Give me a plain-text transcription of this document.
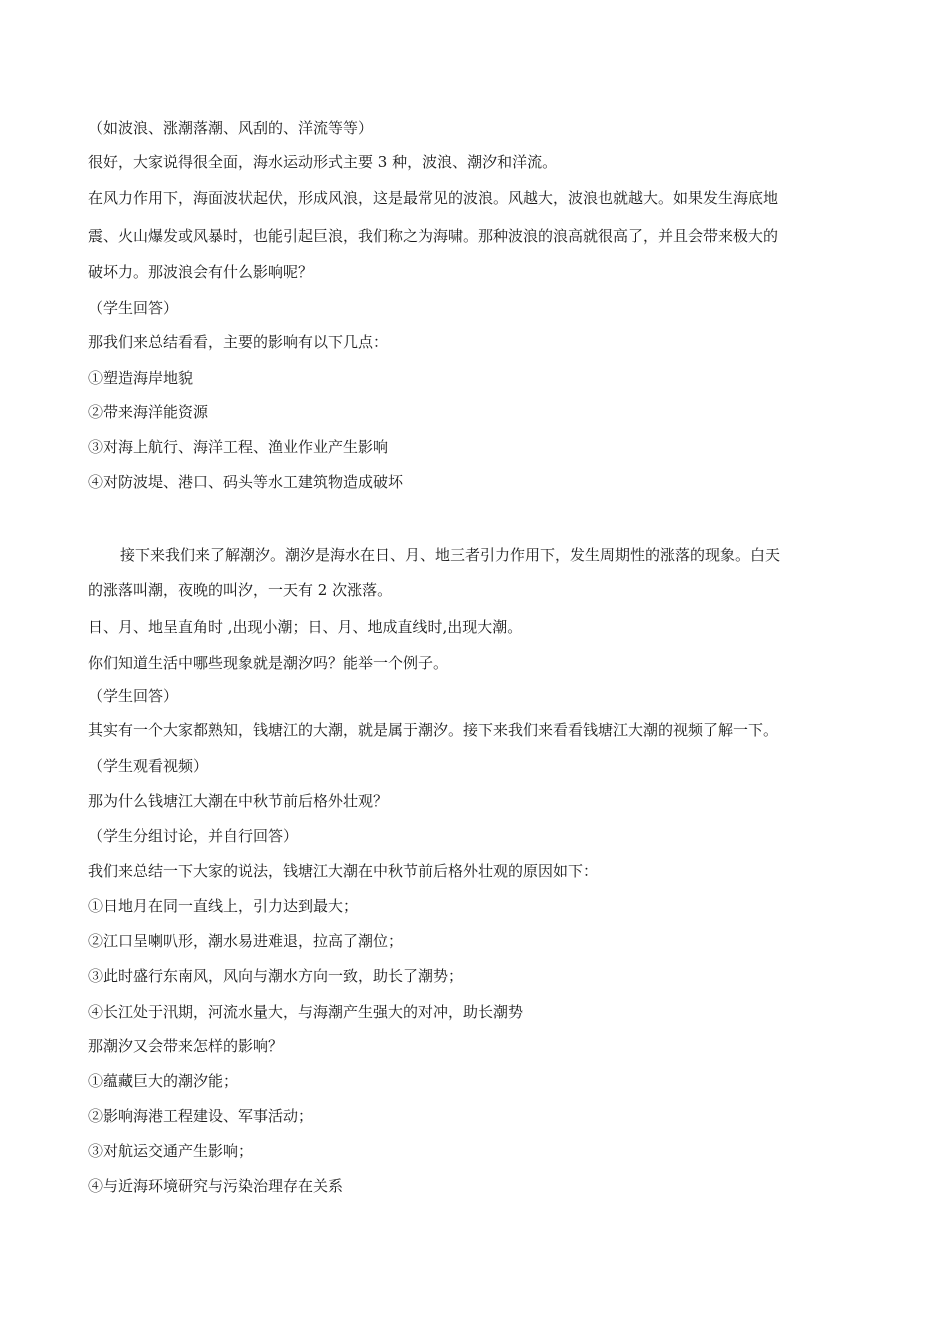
（如波浪、涨潮落潮、风刮的、洋流等等）
很好，大家说得很全面，海水运动形式主要 3 种，波浪、潮汐和洋流。
在风力作用下，海面波状起伏，形成风浪，这是最常见的波浪。风越大，波浪也就越大。如果发生海底地
震、火山爆发或风暴时，也能引起巨浪，我们称之为海啸。那种波浪的浪高就很高了，并且会带来极大的
破坏力。那波浪会有什么影响呢？
（学生回答）
那我们来总结看看，主要的影响有以下几点：
①塑造海岸地貌
②带来海洋能资源
③对海上航行、海洋工程、渔业作业产生影响
④对防波堤、港口、码头等水工建筑物造成破坏
接下来我们来了解潮汐。潮汐是海水在日、月、地三者引力作用下，发生周期性的涨落的现象。白天
的涨落叫潮，夜晚的叫汐，一天有 2 次涨落。
日、月、地呈直角时 ,出现小潮；日、月、地成直线时,出现大潮。
你们知道生活中哪些现象就是潮汐吗？能举一个例子。
（学生回答）
其实有一个大家都熟知，钱塘江的大潮，就是属于潮汐。接下来我们来看看钱塘江大潮的视频了解一下。
（学生观看视频）
那为什么钱塘江大潮在中秋节前后格外壮观？
（学生分组讨论，并自行回答）
我们来总结一下大家的说法，钱塘江大潮在中秋节前后格外壮观的原因如下：
①日地月在同一直线上，引力达到最大；
②江口呈喇叭形，潮水易进难退，拉高了潮位；
③此时盛行东南风，风向与潮水方向一致，助长了潮势；
④长江处于汛期，河流水量大，与海潮产生强大的对冲，助长潮势
那潮汐又会带来怎样的影响？
①蕴藏巨大的潮汐能；
②影响海港工程建设、军事活动；
③对航运交通产生影响；
④与近海环境研究与污染治理存在关系
